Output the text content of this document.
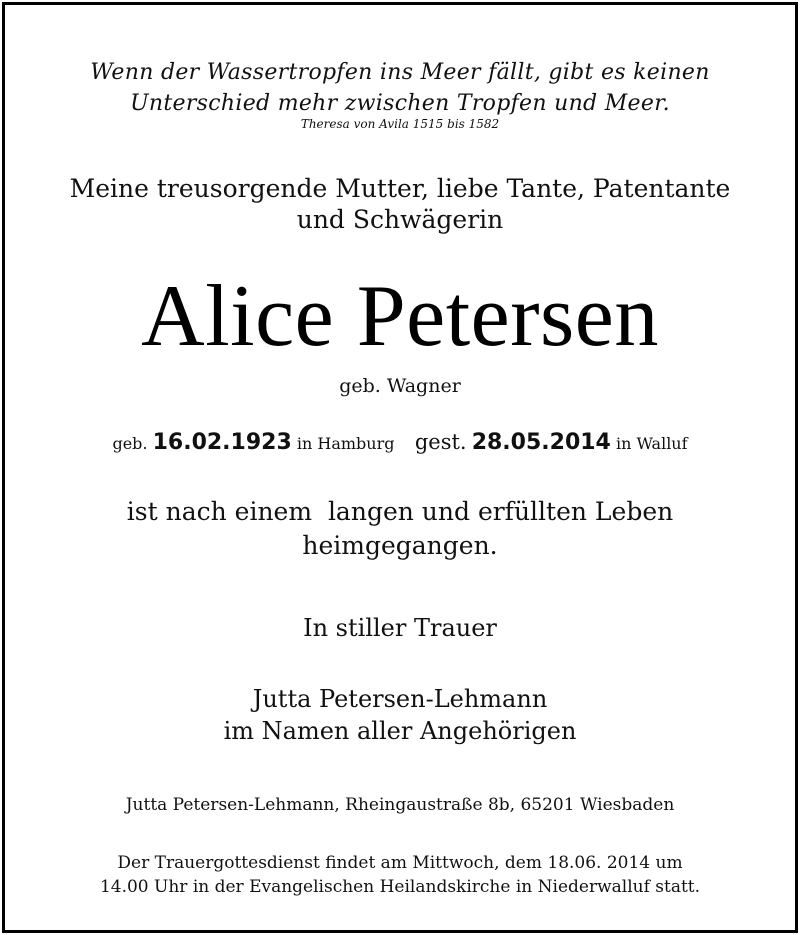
Wenn der Wassertropfen ins Meer fällt, gibt es keinen
Unterschied mehr zwischen Tropfen und Meer.
Theresa von Avila 1515 bis 1582
Meine treusorgende Mutter, liebe Tante, Patentante
und Schwägerin
Alice Petersen
geb. Wagner
geb. 16.02.1923 in Hamburg gest. 28.05.2014 in Walluf
ist nach einem  langen und erfüllten Leben
heimgegangen.
In stiller Trauer
Jutta Petersen-Lehmann
im Namen aller Angehörigen
Jutta Petersen-Lehmann, Rheingaustraße 8b, 65201 Wiesbaden
Der Trauergottesdienst findet am Mittwoch, dem 18.06. 2014 um
14.00 Uhr in der Evangelischen Heilandskirche in Niederwalluf statt.
